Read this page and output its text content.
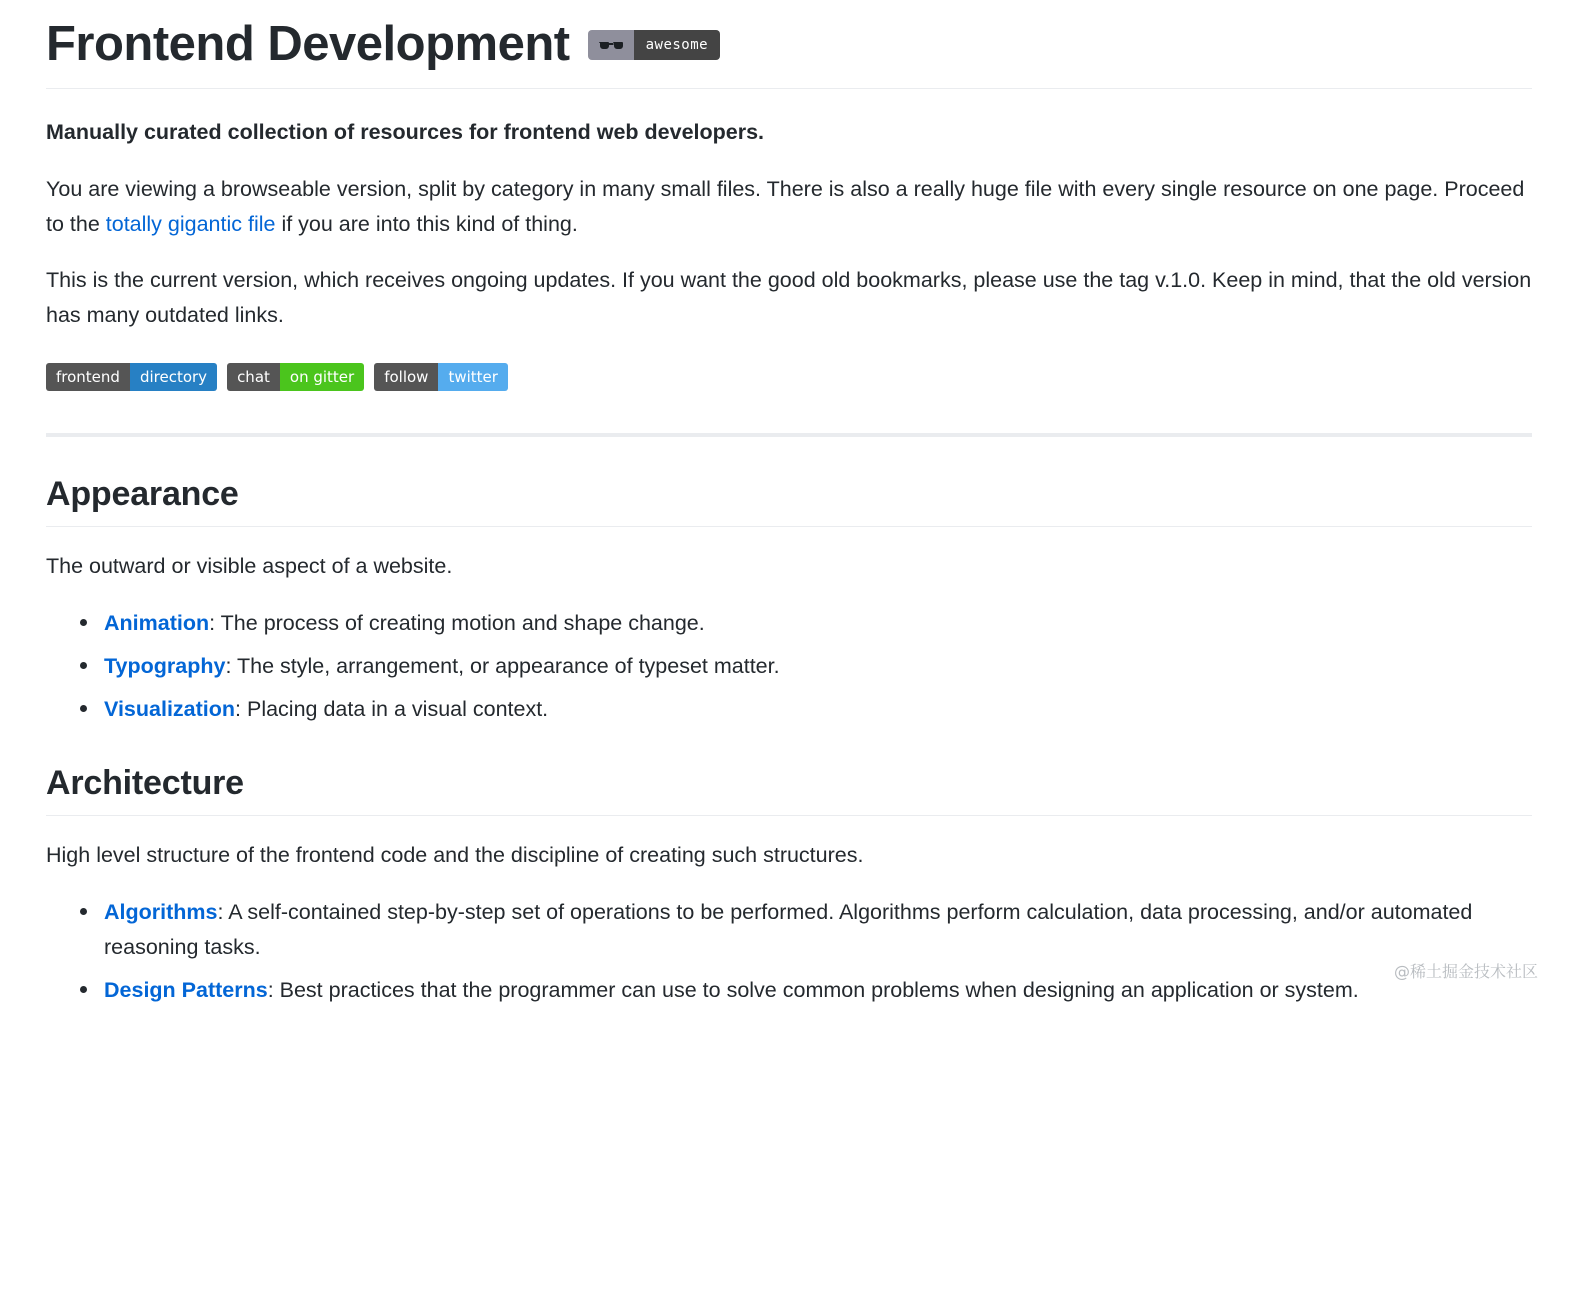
Frontend Development	awesome

Manually curated collection of resources for frontend web developers.

You are viewing a browseable version, split by category in many small files. There is also a really huge file with every single resource on one page. Proceed to the totally gigantic file if you are into this kind of thing.

This is the current version, which receives ongoing updates. If you want the good old bookmarks, please use the tag v.1.0. Keep in mind, that the old version has many outdated links.

frontend	directory	chat	on gitter	follow	twitter
Appearance

The outward or visible aspect of a website.

Animation: The process of creating motion and shape change.
Typography: The style, arrangement, or appearance of typeset matter.
Visualization: Placing data in a visual context.
Architecture

High level structure of the frontend code and the discipline of creating such structures.

Algorithms: A self-contained step-by-step set of operations to be performed. Algorithms perform calculation, data processing, and/or automated reasoning tasks.
Design Patterns: Best practices that the programmer can use to solve common problems when designing an application or system.
@稀土掘金技术社区
